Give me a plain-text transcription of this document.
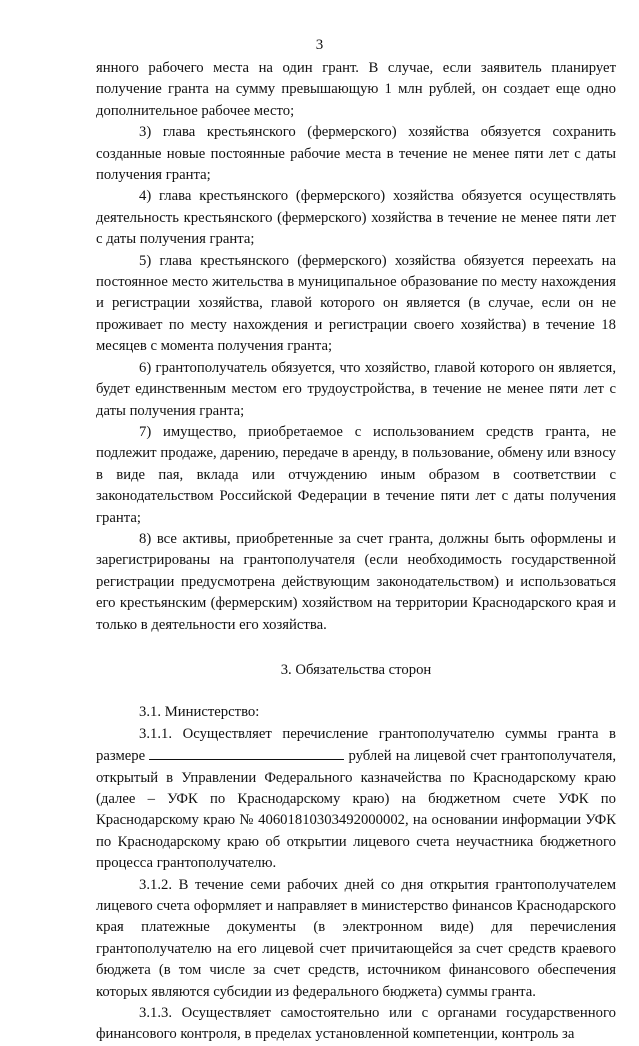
3

янного рабочего места на один грант. В случае, если заявитель планирует получение гранта на сумму превышающую 1 млн рублей, он создает еще одно дополнительное рабочее место;

3) глава крестьянского (фермерского) хозяйства обязуется сохранить созданные новые постоянные рабочие места в течение не менее пяти лет с даты получения гранта;

4) глава крестьянского (фермерского) хозяйства обязуется осуществлять деятельность крестьянского (фермерского) хозяйства в течение не менее пяти лет с даты получения гранта;

5) глава крестьянского (фермерского) хозяйства обязуется переехать на постоянное место жительства в муниципальное образование по месту нахождения и регистрации хозяйства, главой которого он является (в случае, если он не проживает по месту нахождения и регистрации своего хозяйства) в течение 18 месяцев с момента получения гранта;

6) грантополучатель обязуется, что хозяйство, главой которого он является, будет единственным местом его трудоустройства, в течение не менее пяти лет с даты получения гранта;

7) имущество, приобретаемое с использованием средств гранта, не подлежит продаже, дарению, передаче в аренду, в пользование, обмену или взносу в виде пая, вклада или отчуждению иным образом в соответствии с законодательством Российской Федерации в течение пяти лет с даты получения гранта;

8) все активы, приобретенные за счет гранта, должны быть оформлены и зарегистрированы на грантополучателя (если необходимость государственной регистрации предусмотрена действующим законодательством) и использоваться его крестьянским (фермерским) хозяйством на территории Краснодарского края и только в деятельности его хозяйства.

3. Обязательства сторон

3.1. Министерство:

3.1.1. Осуществляет перечисление грантополучателю суммы гранта в размере	рублей на лицевой счет грантополучателя, открытый в Управлении Федерального казначейства по Краснодарскому краю (далее – УФК по Краснодарскому краю) на бюджетном счете УФК по Краснодарскому краю № 40601810303492000002, на основании информации УФК по Краснодарскому краю об открытии лицевого счета неучастника бюджетного процесса грантополучателю.

3.1.2. В течение семи рабочих дней со дня открытия грантополучателем лицевого счета оформляет и направляет в министерство финансов Краснодарского края платежные документы (в электронном виде) для перечисления грантополучателю на его лицевой счет причитающейся за счет средств краевого бюджета (в том числе за счет средств, источником финансового обеспечения которых являются субсидии из федерального бюджета) суммы гранта.

3.1.3. Осуществляет самостоятельно или с органами государственного финансового контроля, в пределах установленной компетенции, контроль за
